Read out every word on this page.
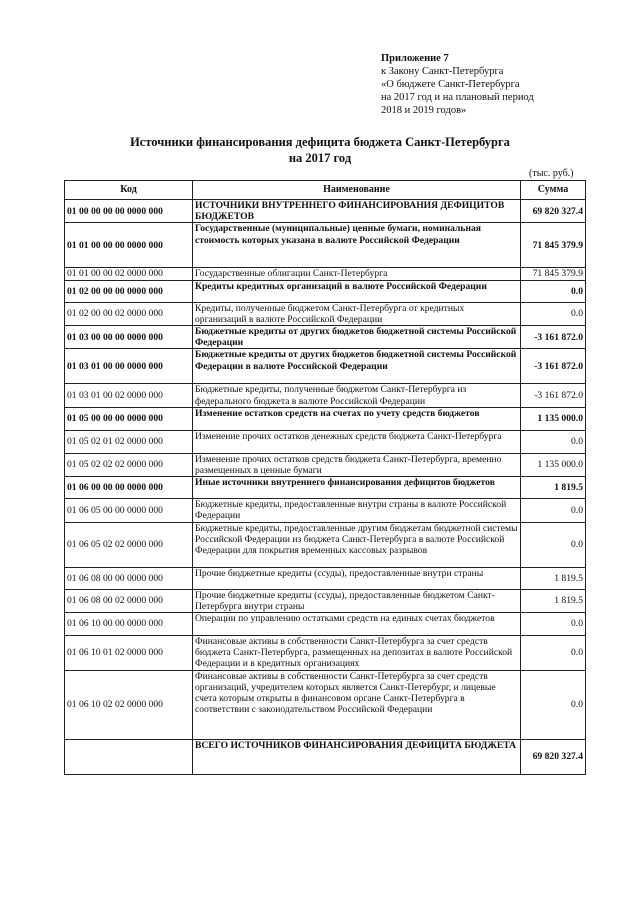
Приложение 7
к Закону Санкт-Петербурга
«О бюджете Санкт-Петербурга
на 2017 год и на плановый период
2018 и 2019 годов»
Источники финансирования дефицита бюджета Санкт-Петербурга
на 2017 год
(тыс. руб.)
Код	Наименование	Сумма
01 00 00 00 00 0000 000	ИСТОЧНИКИ ВНУТРЕННЕГО ФИНАНСИРОВАНИЯ ДЕФИЦИТОВ БЮДЖЕТОВ	69 820 327.4
01 01 00 00 00 0000 000	Государственные (муниципальные) ценные бумаги, номинальная стоимость которых указана в валюте Российской Федерации	71 845 379.9
01 01 00 00 02 0000 000	Государственные облигации Санкт-Петербурга	71 845 379.9
01 02 00 00 00 0000 000	Кредиты кредитных организаций в валюте Российской Федерации	0.0
01 02 00 00 02 0000 000	Кредиты, полученные бюджетом Санкт-Петербурга от кредитных организаций в валюте Российской Федерации	0.0
01 03 00 00 00 0000 000	Бюджетные кредиты от других бюджетов бюджетной системы Российской Федерации	-3 161 872.0
01 03 01 00 00 0000 000	Бюджетные кредиты от других бюджетов бюджетной системы Российской Федерации в валюте Российской Федерации	-3 161 872.0
01 03 01 00 02 0000 000	Бюджетные кредиты, полученные бюджетом Санкт-Петербурга из федерального бюджета в валюте Российской Федерации	-3 161 872.0
01 05 00 00 00 0000 000	Изменение остатков средств на счетах по учету средств бюджетов	1 135 000.0
01 05 02 01 02 0000 000	Изменение прочих остатков денежных средств бюджета Санкт-Петербурга	0.0
01 05 02 02 02 0000 000	Изменение прочих остатков средств бюджета Санкт-Петербурга, временно размещенных в ценные бумаги	1 135 000.0
01 06 00 00 00 0000 000	Иные источники внутреннего финансирования дефицитов бюджетов	1 819.5
01 06 05 00 00 0000 000	Бюджетные кредиты, предоставленные внутри страны в валюте Российской Федерации	0.0
01 06 05 02 02 0000 000	Бюджетные кредиты, предоставленные другим бюджетам бюджетной системы Российской Федерации из бюджета Санкт-Петербурга в валюте Российской Федерации для покрытия временных кассовых разрывов	0.0
01 06 08 00 00 0000 000	Прочие бюджетные кредиты (ссуды), предоставленные внутри страны	1 819.5
01 06 08 00 02 0000 000	Прочие бюджетные кредиты (ссуды), предоставленные бюджетом Санкт-Петербурга внутри страны	1 819.5
01 06 10 00 00 0000 000	Операции по управлению остатками средств на единых счетах бюджетов	0.0
01 06 10 01 02 0000 000	Финансовые активы в собственности Санкт-Петербурга за счет средств бюджета Санкт-Петербурга, размещенных на депозитах в валюте Российской Федерации и в кредитных организациях	0.0
01 06 10 02 02 0000 000	Финансовые активы в собственности Санкт-Петербурга за счет средств организаций, учредителем которых является Санкт-Петербург, и лицевые счета которым открыты в финансовом органе Санкт-Петербурга в соответствии с законодательством Российской Федерации	0.0
	ВСЕГО ИСТОЧНИКОВ ФИНАНСИРОВАНИЯ ДЕФИЦИТА БЮДЖЕТА	69 820 327.4
